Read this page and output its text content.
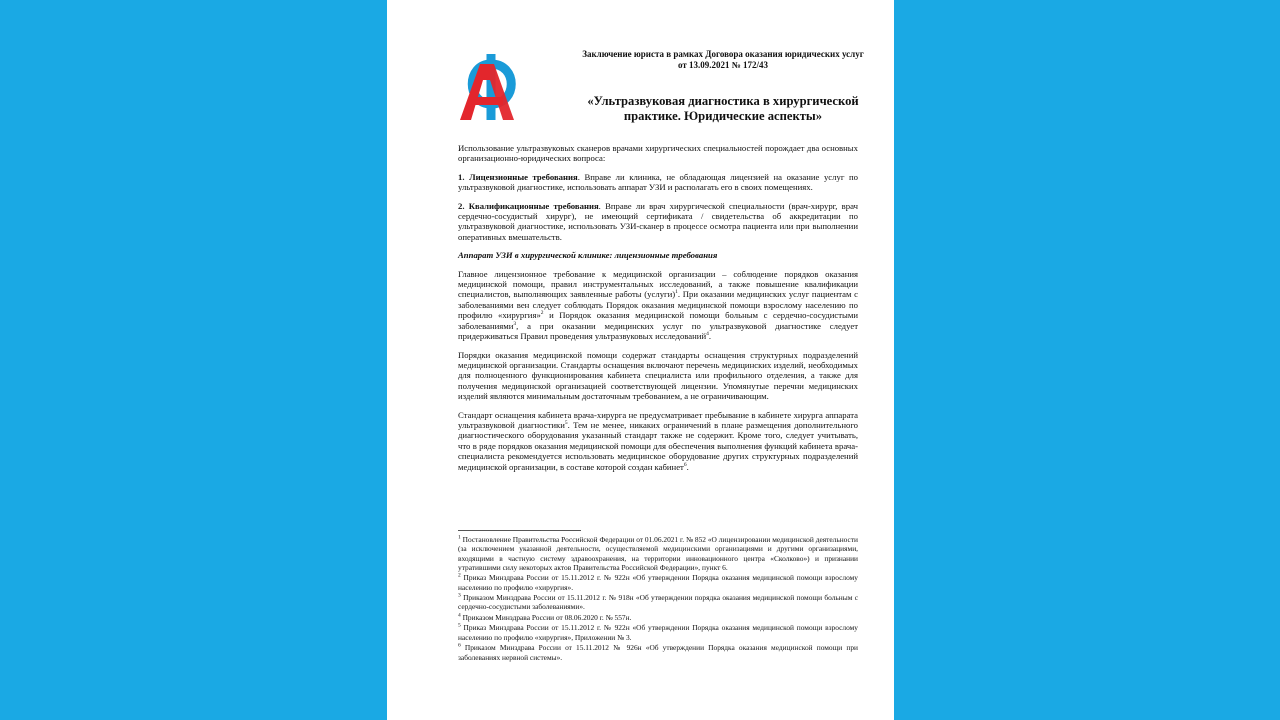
Заключение юриста в рамках Договора оказания юридических услуг от 13.09.2021 № 172/43

«Ультразвуковая диагностика в хирургической практике. Юридические аспекты»

Использование ультразвуковых сканеров врачами хирургических специальностей порождает два основных организационно-юридических вопроса:

1. Лицензионные требования. Вправе ли клиника, не обладающая лицензией на оказание услуг по ультразвуковой диагностике, использовать аппарат УЗИ и располагать его в своих помещениях.

2. Квалификационные требования. Вправе ли врач хирургической специальности (врач-хирург, врач сердечно-сосудистый хирург), не имеющий сертификата / свидетельства об аккредитации по ультразвуковой диагностике, использовать УЗИ-сканер в процессе осмотра пациента или при выполнении оперативных вмешательств.

Аппарат УЗИ в хирургической клинике: лицензионные требования

Главное лицензионное требование к медицинской организации – соблюдение порядков оказания медицинской помощи, правил инструментальных исследований, а также повышение квалификации специалистов, выполняющих заявленные работы (услуги)$^1$. При оказании медицинских услуг пациентам с заболеваниями вен следует соблюдать Порядок оказания медицинской помощи взрослому населению по профилю «хирургия»$^2$ и Порядок оказания медицинской помощи больным с сердечно-сосудистыми заболеваниями$^3$, а при оказании медицинских услуг по ультразвуковой диагностике следует придерживаться Правил проведения ультразвуковых исследований$^4$.

Порядки оказания медицинской помощи содержат стандарты оснащения структурных подразделений медицинской организации. Стандарты оснащения включают перечень медицинских изделий, необходимых для полноценного функционирования кабинета специалиста или профильного отделения, а также для получения медицинской организацией соответствующей лицензии. Упомянутые перечни медицинских изделий являются минимальным достаточным требованием, а не ограничивающим.

Стандарт оснащения кабинета врача-хирурга не предусматривает пребывание в кабинете хирурга аппарата ультразвуковой диагностики$^5$. Тем не менее, никаких ограничений в плане размещения дополнительного диагностического оборудования указанный стандарт также не содержит. Кроме того, следует учитывать, что в ряде порядков оказания медицинской помощи для обеспечения выполнения функций кабинета врача-специалиста рекомендуется использовать медицинское оборудование других структурных подразделений медицинской организации, в составе которой создан кабинет$^6$.

$^1$ Постановление Правительства Российской Федерации от 01.06.2021 г. № 852 «О лицензировании медицинской деятельности (за исключением указанной деятельности, осуществляемой медицинскими организациями и другими организациями, входящими в частную систему здравоохранения, на территории инновационного центра «Сколково») и признании утратившими силу некоторых актов Правительства Российской Федерации», пункт 6.

$^2$ Приказ Минздрава России от 15.11.2012 г. № 922н «Об утверждении Порядка оказания медицинской помощи взрослому населению по профилю «хирургия».

$^3$ Приказом Минздрава России от 15.11.2012 г. № 918н «Об утверждении порядка оказания медицинской помощи больным с сердечно-сосудистыми заболеваниями».

$^4$ Приказом Минздрава России от 08.06.2020 г. № 557н.

$^5$ Приказ Минздрава России от 15.11.2012 г. № 922н «Об утверждении Порядка оказания медицинской помощи взрослому населению по профилю «хирургия», Приложении № 3.

$^6$ Приказом Минздрава России от 15.11.2012 № 926н «Об утверждении Порядка оказания медицинской помощи при заболеваниях нервной системы».
